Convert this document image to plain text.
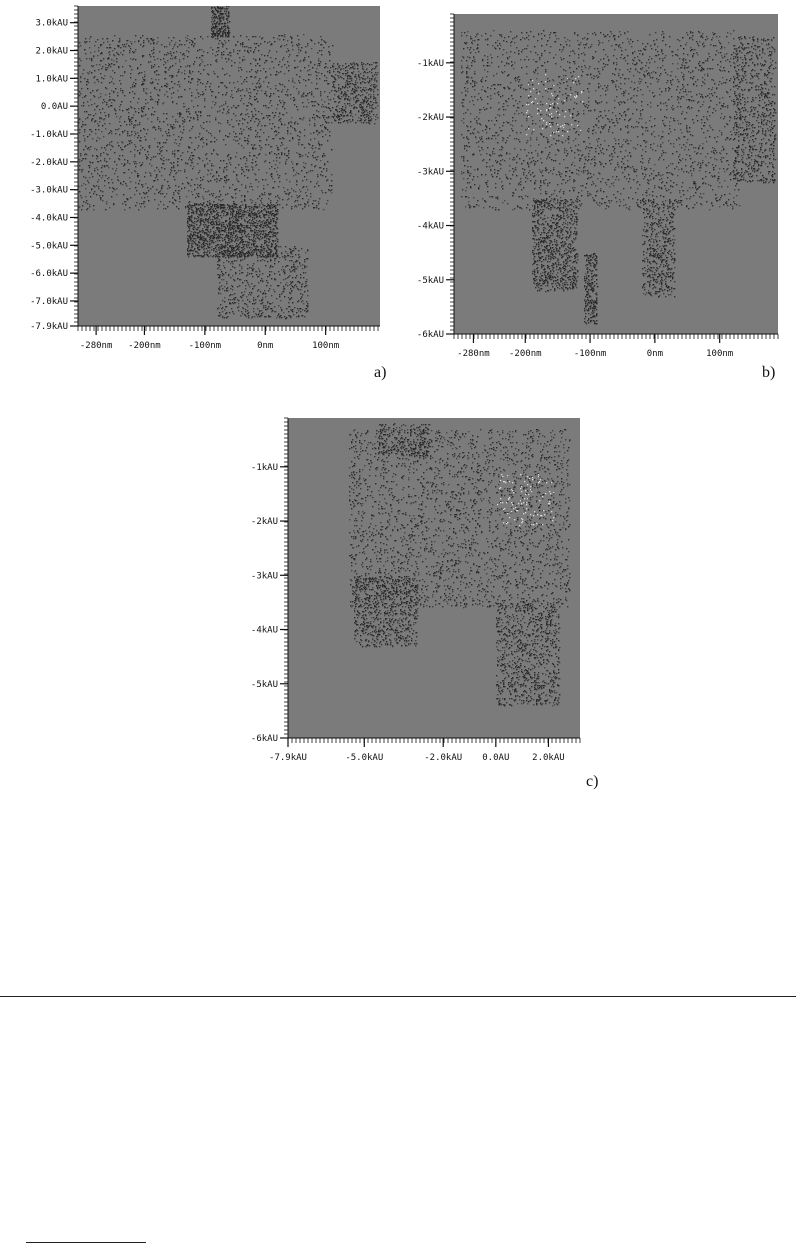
3.0kAU
2.0kAU
1.0kAU
0.0AU
-1.0kAU
-2.0kAU
-3.0kAU
-4.0kAU
-5.0kAU
-6.0kAU
-7.0kAU
-7.9kAU
-280nm -200nm	-100nm	0nm	100nm
a)
-1kAU
-2kAU
-3kAU
-4kAU
-5kAU
-6kAU
-280nm -200nm	-100nm	0nm	100nm
b)
-1kAU
-2kAU
-3kAU
-4kAU
-5kAU
-6kAU
-7.9kAU	-5.0kAU	-2.0kAU 0.0AU	2.0kAU
c)
